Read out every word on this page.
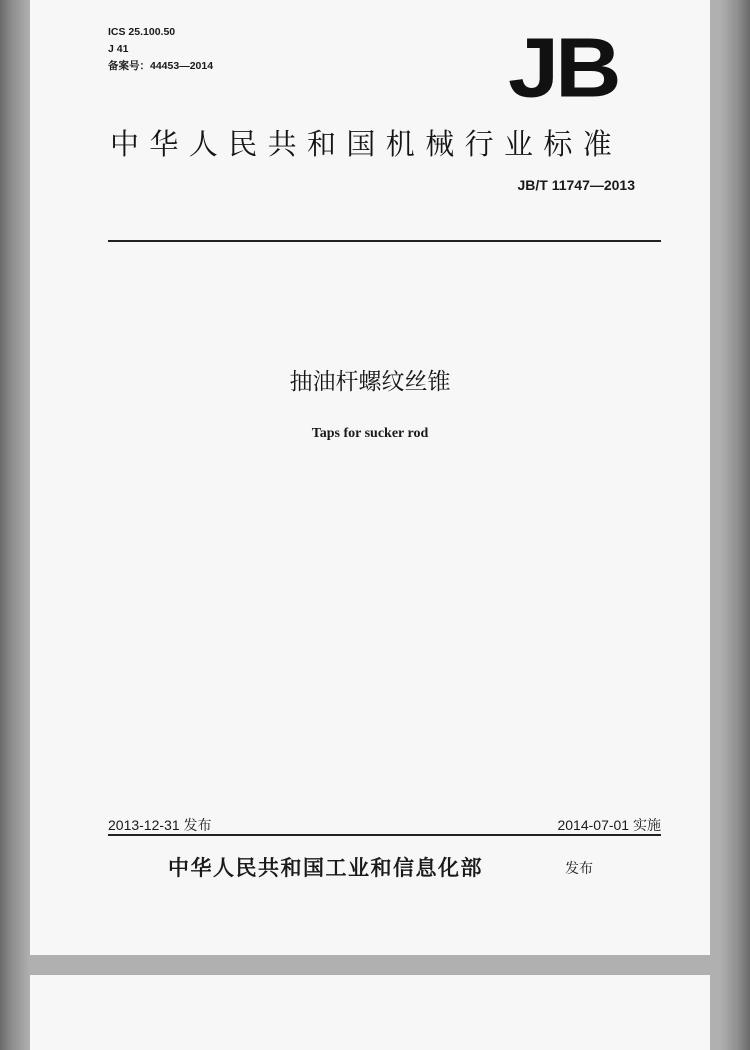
ICS 25.100.50
J 41
备案号：44453—2014	JB
中华人民共和国机械行业标准
JB/T 11747—2013
抽油杆螺纹丝锥
Taps for sucker rod
2013-12-31 发布	2014-07-01 实施
中华人民共和国工业和信息化部	发布
